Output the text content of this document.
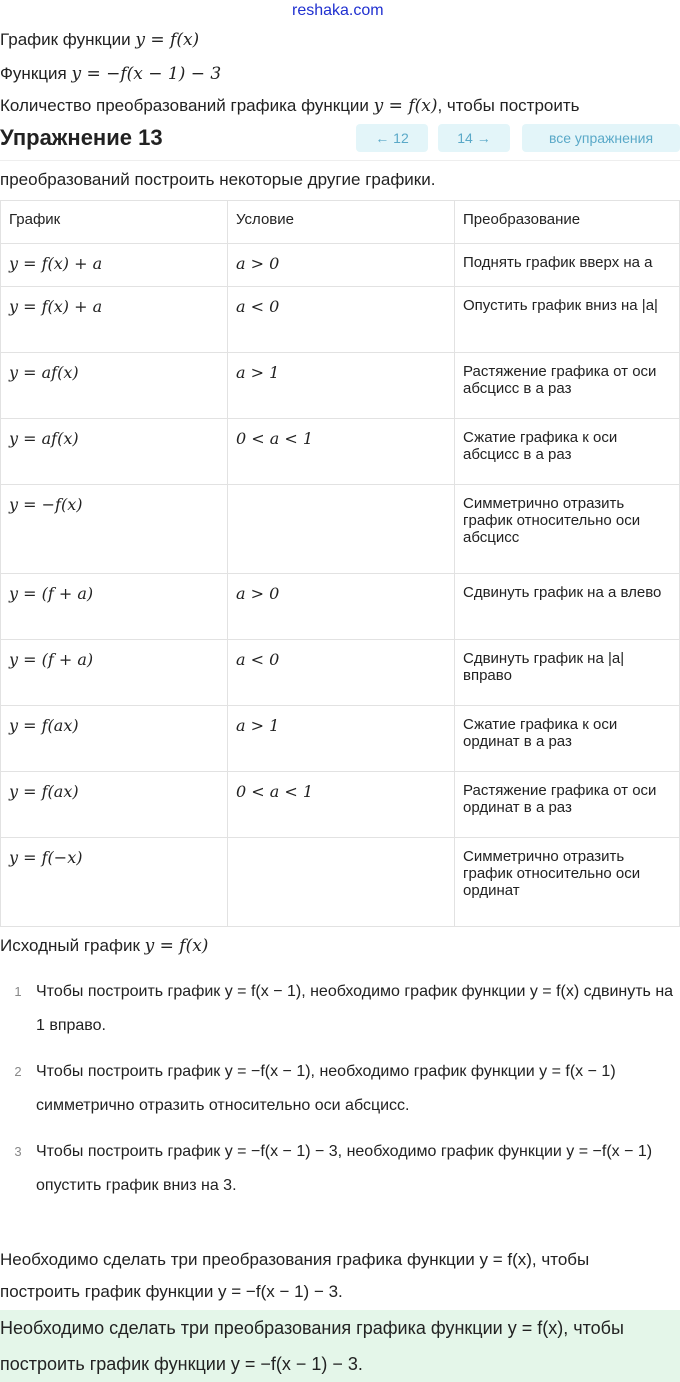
reshaka.com
График функции y = f(x)
Функция y = −f(x − 1) − 3
Количество преобразований графика функции y = f(x), чтобы построить
Упражнение 13	← 12	14 →	все упражнения
преобразований построить некоторые другие графики.
График	Условие	Преобразование
y = f(x) + a	a > 0	Поднять график вверх на a
y = f(x) + a	a < 0	Опустить график вниз на |a|
y = af(x)	a > 1	Растяжение графика от оси абсцисс в a раз
y = af(x)	0 < a < 1	Сжатие графика к оси абсцисс в a раз
y = −f(x)		Симметрично отразить график относительно оси абсцисс
y = (f + a)	a > 0	Сдвинуть график на a влево
y = (f + a)	a < 0	Сдвинуть график на |a| вправо
y = f(ax)	a > 1	Сжатие графика к оси ординат в a раз
y = f(ax)	0 < a < 1	Растяжение графика от оси ординат в a раз
y = f(−x)		Симметрично отразить график относительно оси ординат
Исходный график y = f(x)
1 Чтобы построить график y = f(x − 1), необходимо график функции y = f(x) сдвинуть на 1 вправо.
2 Чтобы построить график y = −f(x − 1), необходимо график функции y = f(x − 1) симметрично отразить относительно оси абсцисс.
3 Чтобы построить график y = −f(x − 1) − 3, необходимо график функции y = −f(x − 1) опустить график вниз на 3.
Необходимо сделать три преобразования графика функции y = f(x), чтобы построить график функции y = −f(x − 1) − 3.
Необходимо сделать три преобразования графика функции y = f(x), чтобы построить график функции y = −f(x − 1) − 3.
